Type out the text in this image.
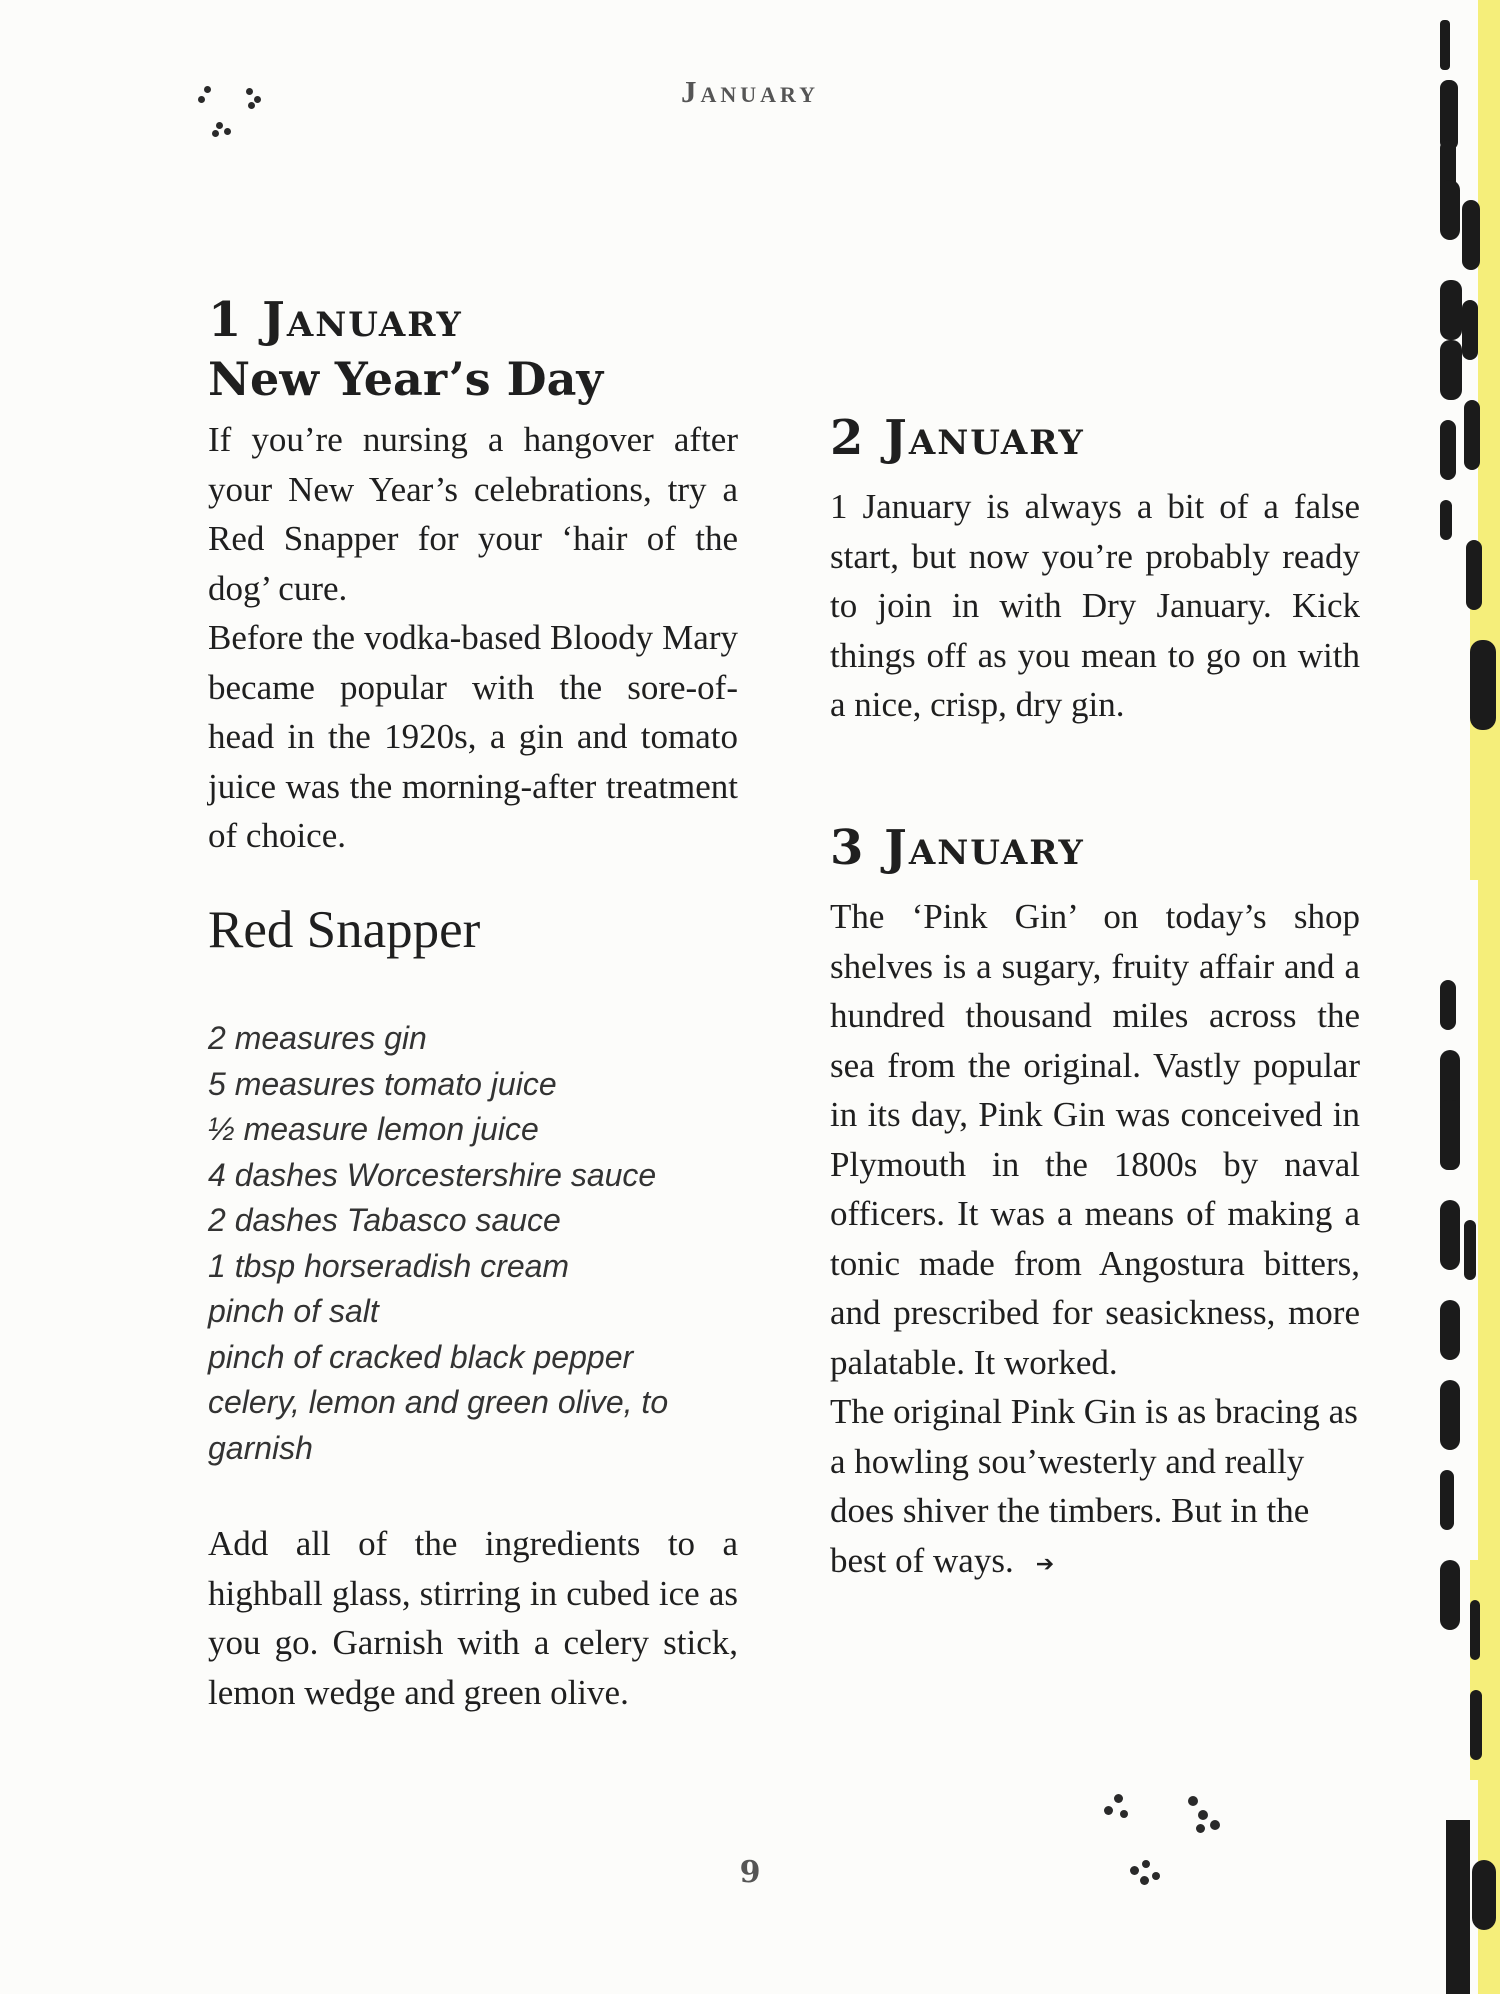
January
1 January
New Year’s Day

If you’re nursing a hangover after your New Year’s celebrations, try a Red Snapper for your ‘hair of the dog’ cure.

Before the vodka-based Bloody Mary became popular with the sore-of-head in the 1920s, a gin and tomato juice was the morning-after treatment of choice.

Red Snapper
2 measures gin
5 measures tomato juice
½ measure lemon juice
4 dashes Worcestershire sauce
2 dashes Tabasco sauce
1 tbsp horseradish cream
pinch of salt
pinch of cracked black pepper
celery, lemon and green olive, to garnish

Add all of the ingredients to a highball glass, stirring in cubed ice as you go. Garnish with a celery stick, lemon wedge and green olive.

2 January

1 January is always a bit of a false start, but now you’re probably ready to join in with Dry January. Kick things off as you mean to go on with a nice, crisp, dry gin.

3 January

The ‘Pink Gin’ on today’s shop shelves is a sugary, fruity affair and a hundred thousand miles across the sea from the original. Vastly popular in its day, Pink Gin was conceived in Plymouth in the 1800s by naval officers. It was a means of making a tonic made from Angostura bitters, and prescribed for seasickness, more palatable. It worked.

The original Pink Gin is as bracing as a howling sou’westerly and really does shiver the timbers. But in the best of ways. ➔

9
